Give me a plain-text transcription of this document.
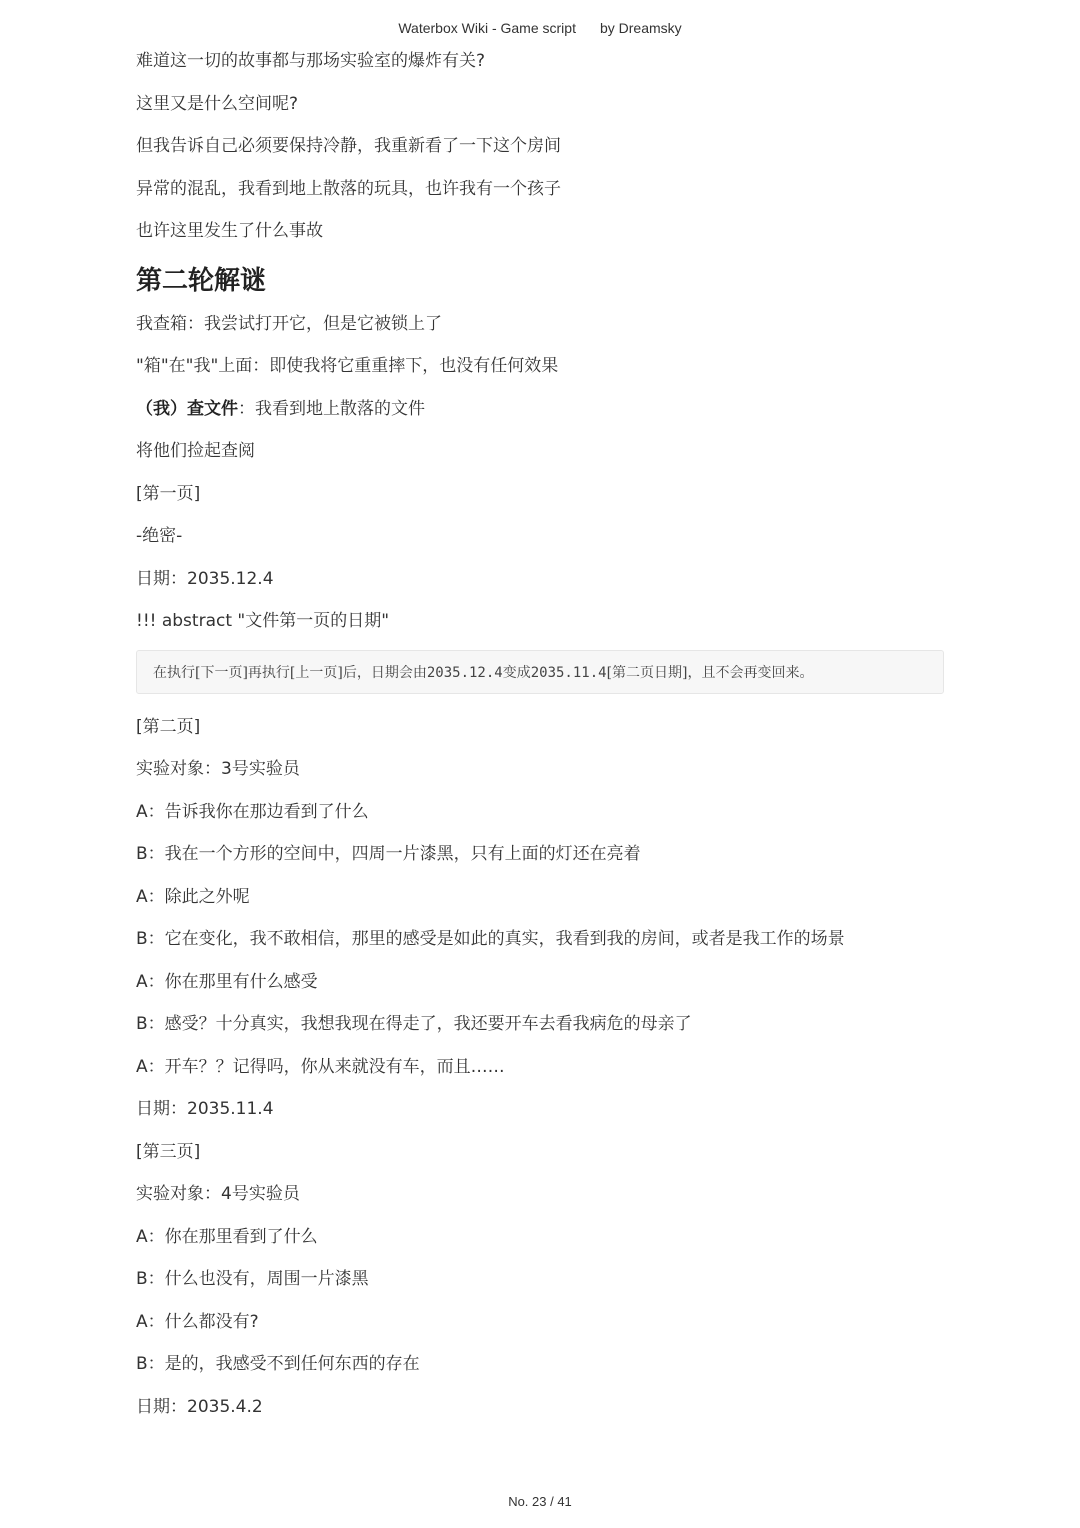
Waterbox Wiki - Game script by Dreamsky

难道这一切的故事都与那场实验室的爆炸有关?

这里又是什么空间呢?

但我告诉自己必须要保持冷静，我重新看了一下这个房间

异常的混乱，我看到地上散落的玩具，也许我有一个孩子

也许这里发生了什么事故

第二轮解谜

我查箱：我尝试打开它，但是它被锁上了

"箱"在"我"上面：即使我将它重重摔下，也没有任何效果

（我）查文件：我看到地上散落的文件

将他们捡起查阅

[第一页]

-绝密-

日期：2035.12.4

!!! abstract "文件第一页的日期"

在执行[下一页]再执行[上一页]后，日期会由2035.12.4变成2035.11.4[第二页日期]，且不会再变回来。

[第二页]

实验对象：3号实验员

A：告诉我你在那边看到了什么

B：我在一个方形的空间中，四周一片漆黑，只有上面的灯还在亮着

A：除此之外呢

B：它在变化，我不敢相信，那里的感受是如此的真实，我看到我的房间，或者是我工作的场景

A：你在那里有什么感受

B：感受？十分真实，我想我现在得走了，我还要开车去看我病危的母亲了

A：开车？？记得吗，你从来就没有车，而且……

日期：2035.11.4

[第三页]

实验对象：4号实验员

A：你在那里看到了什么

B：什么也没有，周围一片漆黑

A：什么都没有?

B：是的，我感受不到任何东西的存在

日期：2035.4.2

No. 23 / 41
